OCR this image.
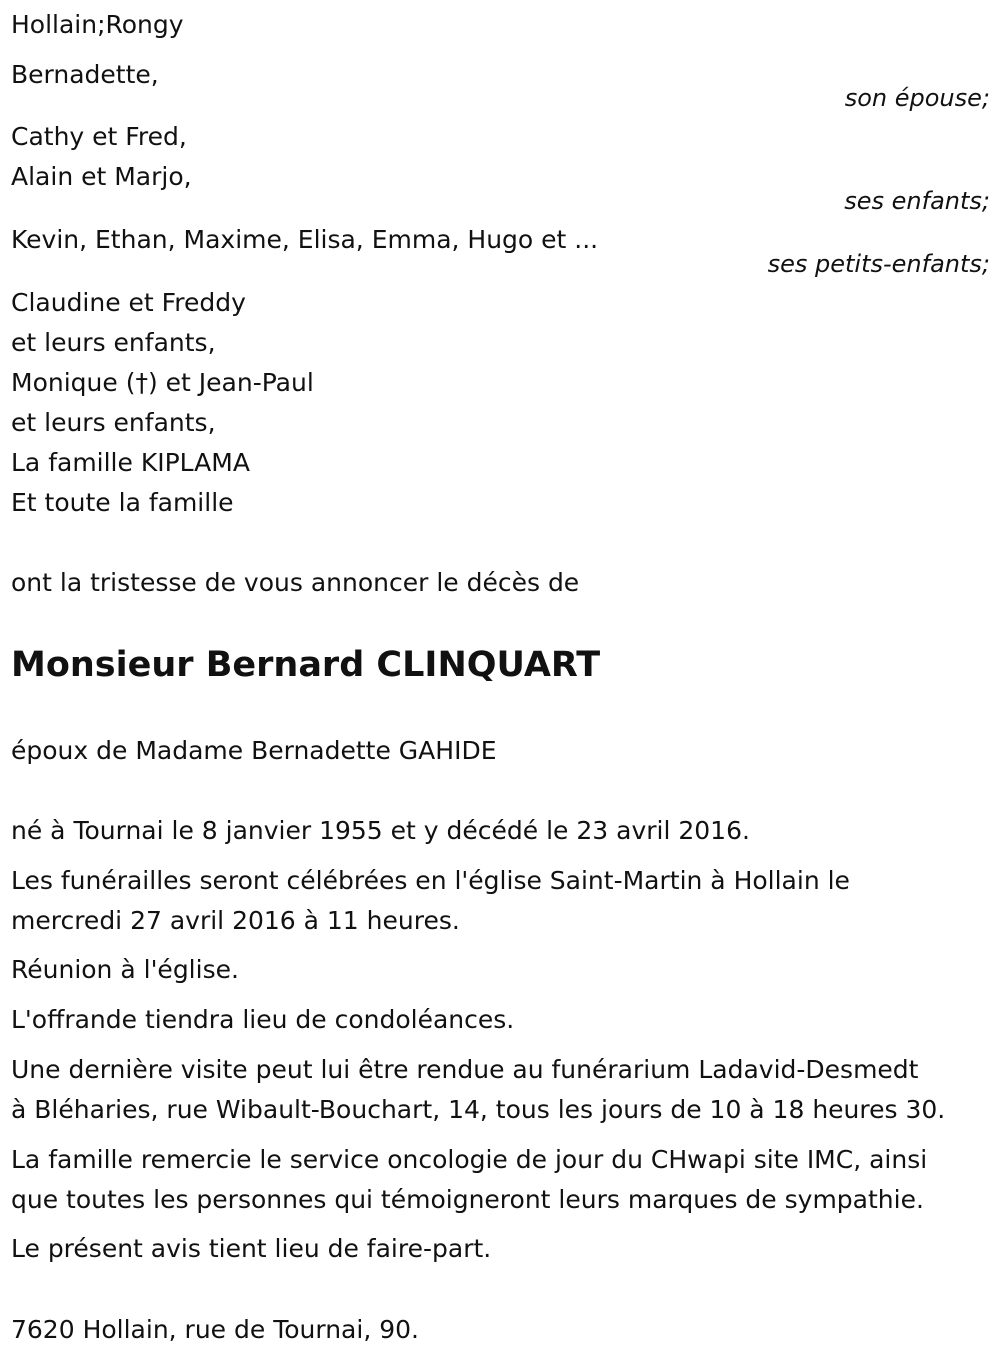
Hollain;Rongy

Bernadette,

son épouse;

Cathy et Fred,

Alain et Marjo,

ses enfants;

Kevin, Ethan, Maxime, Elisa, Emma, Hugo et ...

ses petits-enfants;

Claudine et Freddy

et leurs enfants,

Monique (†) et Jean-Paul

et leurs enfants,

La famille KIPLAMA

Et toute la famille

ont la tristesse de vous annoncer le décès de

Monsieur Bernard CLINQUART

époux de Madame Bernadette GAHIDE

né à Tournai le 8 janvier 1955 et y décédé le 23 avril 2016.

Les funérailles seront célébrées en l'église Saint-Martin à Hollain le
mercredi 27 avril 2016 à 11 heures.

Réunion à l'église.

L'offrande tiendra lieu de condoléances.

Une dernière visite peut lui être rendue au funérarium Ladavid-Desmedt
à Bléharies, rue Wibault-Bouchart, 14, tous les jours de 10 à 18 heures 30.
La famille remercie le service oncologie de jour du CHwapi site IMC, ainsi
que toutes les personnes qui témoigneront leurs marques de sympathie.

Le présent avis tient lieu de faire-part.

7620 Hollain, rue de Tournai, 90.
